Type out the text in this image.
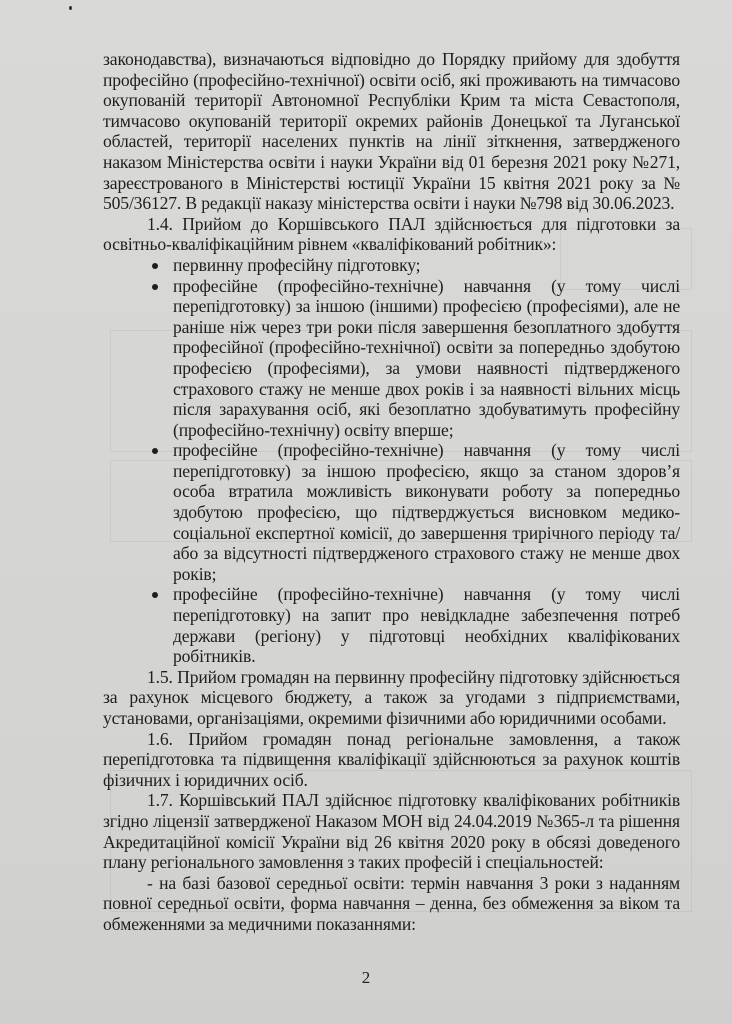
законодавства), визначаються відповідно до Порядку прийому для здобуття професійно (професійно-технічної) освіти осіб, які проживають на тимчасово окупованій території Автономної Республіки Крим та міста Севастополя, тимчасово окупованій території окремих районів Донецької та Луганської областей, території населених пунктів на лінії зіткнення, затвердженого наказом Міністерства освіти і науки України від 01 березня 2021 року №271, зареєстрованого в Міністерстві юстиції України 15 квітня 2021 року за № 505/36127. В редакції наказу міністерства освіти і науки №798 від 30.06.2023.

1.4. Прийом до Коршівського ПАЛ здійснюється для підготовки за освітньо-кваліфікаційним рівнем «кваліфікований робітник»:

первинну професійну підготовку;
професійне (професійно-технічне) навчання (у тому числі перепідготовку) за іншою (іншими) професією (професіями), але не раніше ніж через три роки після завершення безоплатного здобуття професійної (професійно-технічної) освіти за попередньо здобутою професією (професіями), за умови наявності підтвердженого страхового стажу не менше двох років і за наявності вільних місць після зарахування осіб, які безоплатно здобуватимуть професійну (професійно-технічну) освіту вперше;
професійне (професійно-технічне) навчання (у тому числі перепідготовку) за іншою професією, якщо за станом здоров’я особа втратила можливість виконувати роботу за попередньо здобутою професією, що підтверджується висновком медико-соціальної експертної комісії, до завершення трирічного періоду та/або за відсутності підтвердженого страхового стажу не менше двох років;
професійне (професійно-технічне) навчання (у тому числі перепідготовку) на запит про невідкладне забезпечення потреб держави (регіону) у підготовці необхідних кваліфікованих робітників.

1.5. Прийом громадян на первинну професійну підготовку здійснюється за рахунок місцевого бюджету, а також за угодами з підприємствами, установами, організаціями, окремими фізичними або юридичними особами.

1.6. Прийом громадян понад регіональне замовлення, а також перепідготовка та підвищення кваліфікації здійснюються за рахунок коштів фізичних і юридичних осіб.

1.7. Коршівський ПАЛ здійснює підготовку кваліфікованих робітників згідно ліцензії затвердженої Наказом МОН від 24.04.2019 №365-л та рішення Акредитаційної комісії України від 26 квітня 2020 року в обсязі доведеного плану регіонального замовлення з таких професій і спеціальностей:

- на базі базової середньої освіти: термін навчання 3 роки з наданням повної середньої освіти, форма навчання – денна, без обмеження за віком та обмеженнями за медичними показаннями:

2
